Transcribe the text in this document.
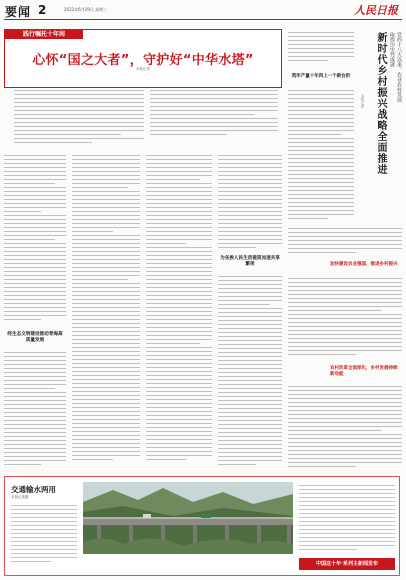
要闻 2	2022年6月29日 星期三	人民日报
践行嘱托十年间
心怀“国之大者”，守护好“中华水塔”
本报记者
经生态文明建设推动青海高质量发展
为各族人民生活提质加速共享繁荣
筑牢产量十年再上一个新台阶	党的十八大以来，农业农村发展取得历史性成就
新时代乡村振兴战略全面推进
本报记者
加快建设农业强国，推进乡村振兴
农村改革全面深化，乡村发展持续新动能
交通输水两用
本报记者摄
中国这十年·系列主新闻发布
